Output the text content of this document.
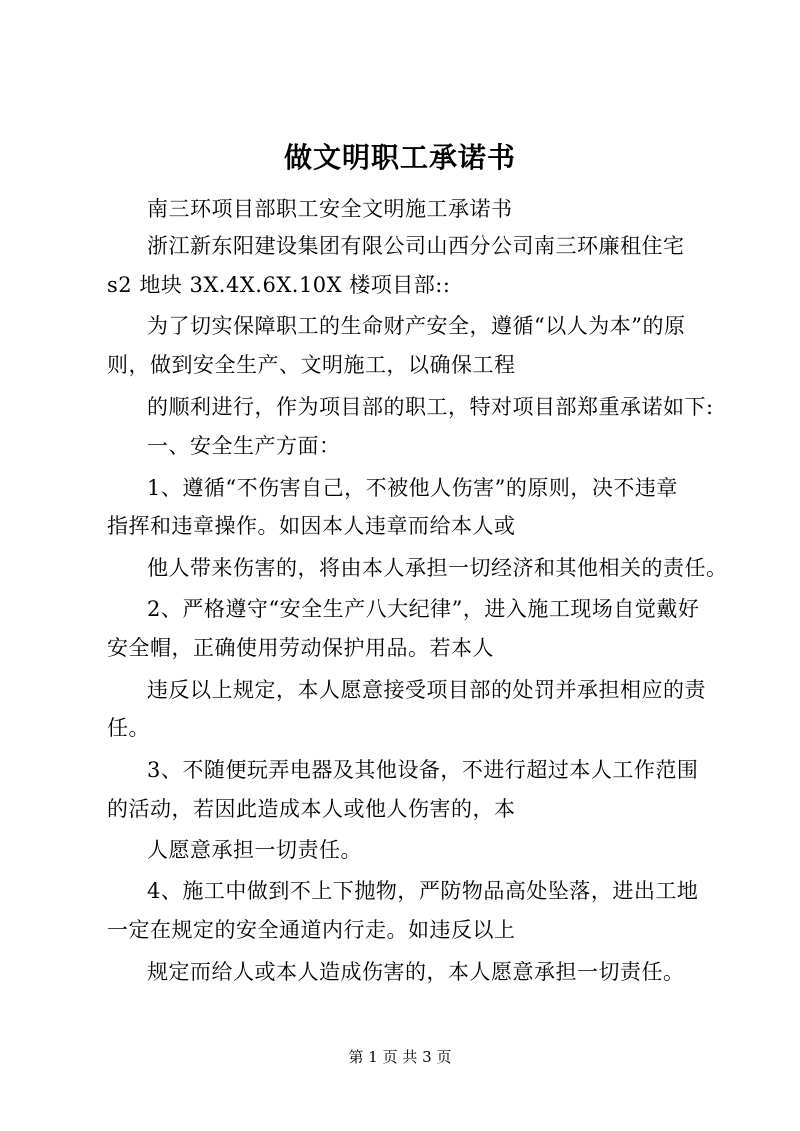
做文明职工承诺书
南三环项目部职工安全文明施工承诺书
浙江新东阳建设集团有限公司山西分公司南三环廉租住宅
s2 地块 3X.4X.6X.10X 楼项目部::
为了切实保障职工的生命财产安全，遵循“以人为本”的原
则，做到安全生产、文明施工，以确保工程
的顺利进行，作为项目部的职工，特对项目部郑重承诺如下:
一、安全生产方面：
1、遵循“不伤害自己，不被他人伤害”的原则，决不违章
指挥和违章操作。如因本人违章而给本人或
他人带来伤害的，将由本人承担一切经济和其他相关的责任。
2、严格遵守“安全生产八大纪律”，进入施工现场自觉戴好
安全帽，正确使用劳动保护用品。若本人
违反以上规定，本人愿意接受项目部的处罚并承担相应的责
任。
3、不随便玩弄电器及其他设备，不进行超过本人工作范围
的活动，若因此造成本人或他人伤害的，本
人愿意承担一切责任。
4、施工中做到不上下抛物，严防物品高处坠落，进出工地
一定在规定的安全通道内行走。如违反以上
规定而给人或本人造成伤害的，本人愿意承担一切责任。
第 1 页 共 3 页
